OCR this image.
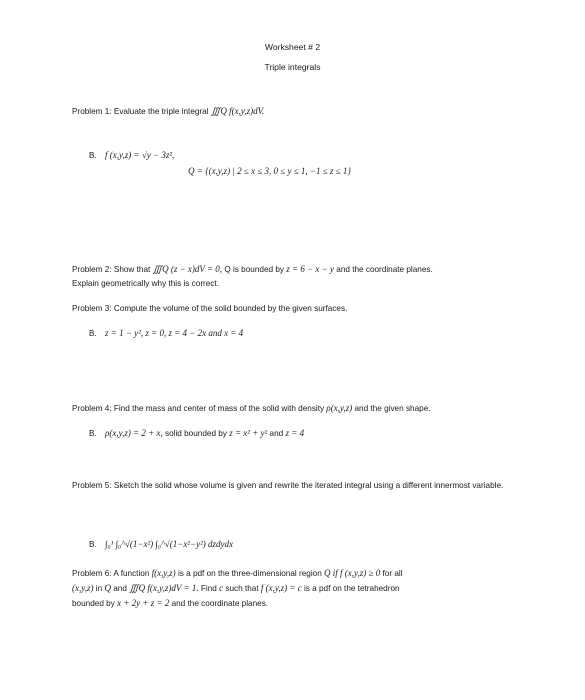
Worksheet # 2
Triple integrals
Problem 1: Evaluate the triple integral ∭Q f(x,y,z)dV.
B. f (x,y,z) = √y − 3z²,
Q = {(x,y,z) | 2 ≤ x ≤ 3, 0 ≤ y ≤ 1, −1 ≤ z ≤ 1}
Problem 2: Show that ∭Q (z − x)dV = 0, Q is bounded by z = 6 − x − y and the coordinate planes.
Explain geometrically why this is correct.
Problem 3: Compute the volume of the solid bounded by the given surfaces.
B. z = 1 − y², z = 0, z = 4 − 2x and x = 4
Problem 4: Find the mass and center of mass of the solid with density ρ(x,y,z) and the given shape.
B. ρ(x,y,z) = 2 + x, solid bounded by z = x² + y² and z = 4
Problem 5: Sketch the solid whose volume is given and rewrite the iterated integral using a different innermost variable.
B. ∫₀¹ ∫₀^√(1−x²) ∫₀^√(1−x²−y²) dzdydx
Problem 6: A function f(x,y,z) is a pdf on the three-dimensional region Q if f (x,y,z) ≥ 0 for all
(x,y,z) in Q and ∭Q f(x,y,z)dV = 1. Find c such that f (x,y,z) = c is a pdf on the tetrahedron
bounded by x + 2y + z = 2 and the coordinate planes.
